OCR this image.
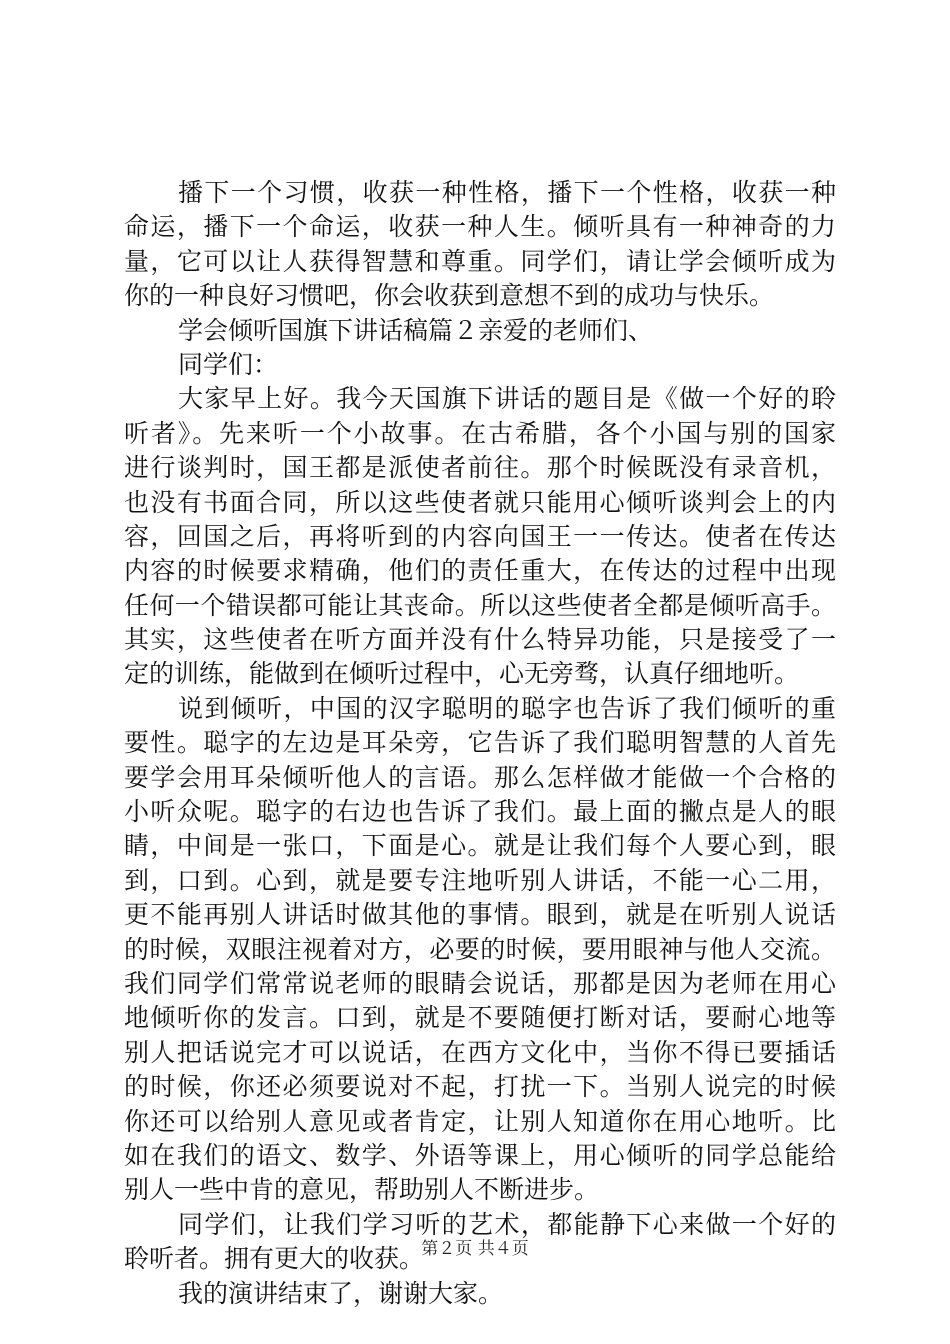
播下一个习惯，收获一种性格，播下一个性格，收获一种
命运，播下一个命运，收获一种人生。倾听具有一种神奇的力
量，它可以让人获得智慧和尊重。同学们，请让学会倾听成为
你的一种良好习惯吧，你会收获到意想不到的成功与快乐。
学会倾听国旗下讲话稿篇２亲爱的老师们、
同学们：
大家早上好。我今天国旗下讲话的题目是《做一个好的聆
听者》。先来听一个小故事。在古希腊，各个小国与别的国家
进行谈判时，国王都是派使者前往。那个时候既没有录音机，
也没有书面合同，所以这些使者就只能用心倾听谈判会上的内
容，回国之后，再将听到的内容向国王一一传达。使者在传达
内容的时候要求精确，他们的责任重大，在传达的过程中出现
任何一个错误都可能让其丧命。所以这些使者全都是倾听高手。
其实，这些使者在听方面并没有什么特异功能，只是接受了一
定的训练，能做到在倾听过程中，心无旁骛，认真仔细地听。
说到倾听，中国的汉字聪明的聪字也告诉了我们倾听的重
要性。聪字的左边是耳朵旁，它告诉了我们聪明智慧的人首先
要学会用耳朵倾听他人的言语。那么怎样做才能做一个合格的
小听众呢。聪字的右边也告诉了我们。最上面的撇点是人的眼
睛，中间是一张口，下面是心。就是让我们每个人要心到，眼
到，口到。心到，就是要专注地听别人讲话，不能一心二用，
更不能再别人讲话时做其他的事情。眼到，就是在听别人说话
的时候，双眼注视着对方，必要的时候，要用眼神与他人交流。
我们同学们常常说老师的眼睛会说话，那都是因为老师在用心
地倾听你的发言。口到，就是不要随便打断对话，要耐心地等
别人把话说完才可以说话，在西方文化中，当你不得已要插话
的时候，你还必须要说对不起，打扰一下。当别人说完的时候
你还可以给别人意见或者肯定，让别人知道你在用心地听。比
如在我们的语文、数学、外语等课上，用心倾听的同学总能给
别人一些中肯的意见，帮助别人不断进步。
同学们，让我们学习听的艺术，都能静下心来做一个好的
聆听者。拥有更大的收获。
我的演讲结束了，谢谢大家。
第２页 共４页
